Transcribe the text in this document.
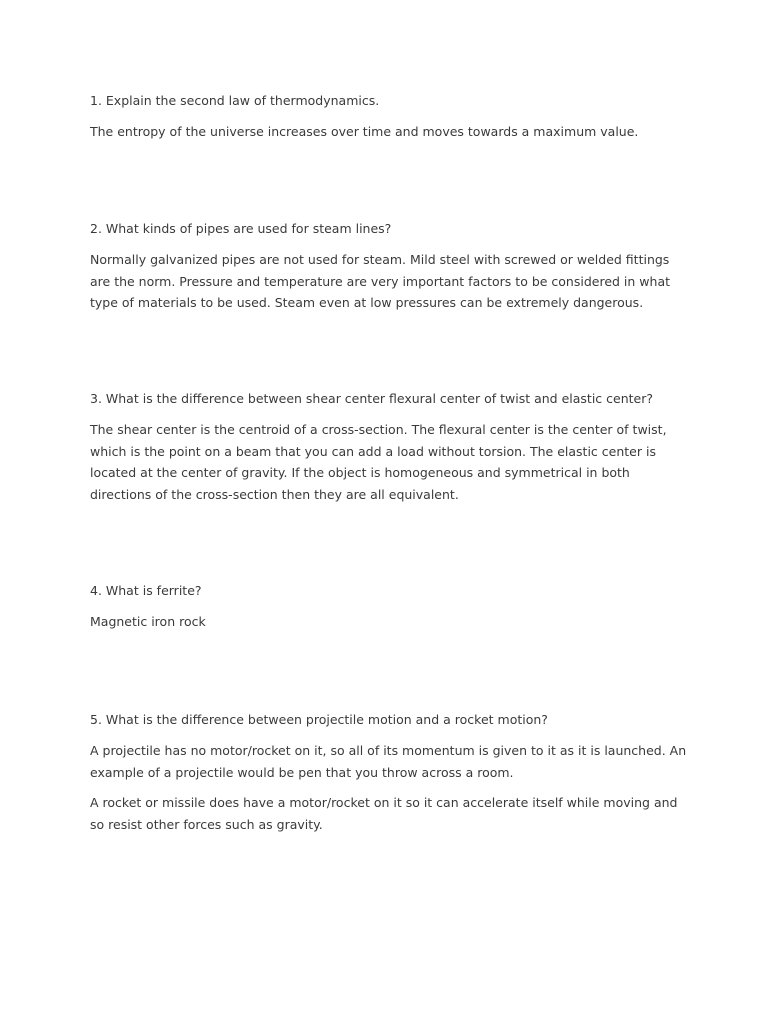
1. Explain the second law of thermodynamics.

The entropy of the universe increases over time and moves towards a maximum value.

2. What kinds of pipes are used for steam lines?

Normally galvanized pipes are not used for steam. Mild steel with screwed or welded fittings are the norm. Pressure and temperature are very important factors to be considered in what type of materials to be used. Steam even at low pressures can be extremely dangerous.

3. What is the difference between shear center flexural center of twist and elastic center?

The shear center is the centroid of a cross-section. The flexural center is the center of twist, which is the point on a beam that you can add a load without torsion. The elastic center is located at the center of gravity. If the object is homogeneous and symmetrical in both directions of the cross-section then they are all equivalent.

4. What is ferrite?

Magnetic iron rock

5. What is the difference between projectile motion and a rocket motion?

A projectile has no motor/rocket on it, so all of its momentum is given to it as it is launched. An example of a projectile would be pen that you throw across a room.

A rocket or missile does have a motor/rocket on it so it can accelerate itself while moving and so resist other forces such as gravity.
